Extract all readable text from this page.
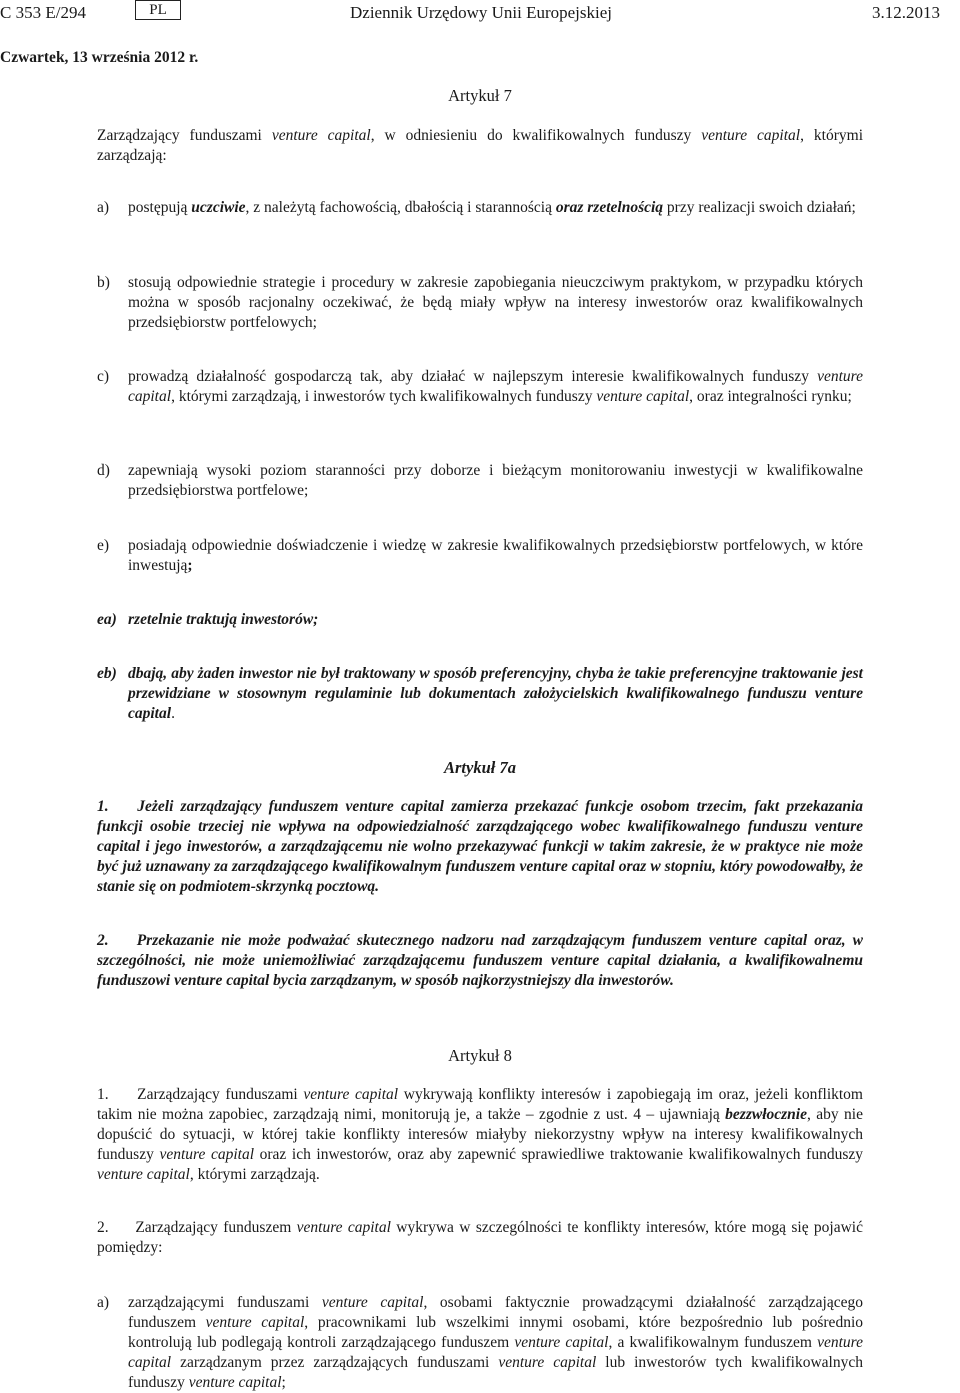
C 353 E/294	PL	Dziennik Urzędowy Unii Europejskiej	3.12.2013
Czwartek, 13 września 2012 r.
Artykuł 7
Zarządzający funduszami venture capital, w odniesieniu do kwalifikowalnych funduszy venture capital, którymi zarządzają:
a) postępują uczciwie, z należytą fachowością, dbałością i starannością oraz rzetelnością przy realizacji swoich działań;
b) stosują odpowiednie strategie i procedury w zakresie zapobiegania nieuczciwym praktykom, w przypadku których można w sposób racjonalny oczekiwać, że będą miały wpływ na interesy inwestorów oraz kwalifikowalnych przedsiębiorstw portfelowych;
c) prowadzą działalność gospodarczą tak, aby działać w najlepszym interesie kwalifikowalnych funduszy venture capital, którymi zarządzają, i inwestorów tych kwalifikowalnych funduszy venture capital, oraz integralności rynku;
d) zapewniają wysoki poziom staranności przy doborze i bieżącym monitorowaniu inwestycji w kwalifikowalne przedsiębiorstwa portfelowe;
e) posiadają odpowiednie doświadczenie i wiedzę w zakresie kwalifikowalnych przedsiębiorstw portfelowych, w które inwestują;
ea) rzetelnie traktują inwestorów;
eb) dbają, aby żaden inwestor nie był traktowany w sposób preferencyjny, chyba że takie preferencyjne traktowanie jest przewidziane w stosownym regulaminie lub dokumentach założycielskich kwalifikowalnego funduszu venture capital.
Artykuł 7a
1. Jeżeli zarządzający funduszem venture capital zamierza przekazać funkcje osobom trzecim, fakt przekazania funkcji osobie trzeciej nie wpływa na odpowiedzialność zarządzającego wobec kwalifikowalnego funduszu venture capital i jego inwestorów, a zarządzającemu nie wolno przekazywać funkcji w takim zakresie, że w praktyce nie może być już uznawany za zarządzającego kwalifikowalnym funduszem venture capital oraz w stopniu, który powodowałby, że stanie się on podmiotem-skrzynką pocztową.
2. Przekazanie nie może podważać skutecznego nadzoru nad zarządzającym funduszem venture capital oraz, w szczególności, nie może uniemożliwiać zarządzającemu funduszem venture capital działania, a kwalifikowalnemu funduszowi venture capital bycia zarządzanym, w sposób najkorzystniejszy dla inwestorów.
Artykuł 8
1.     Zarządzający funduszami venture capital wykrywają konflikty interesów i zapobiegają im oraz, jeżeli konfliktom takim nie można zapobiec, zarządzają nimi, monitorują je, a także – zgodnie z ust. 4 – ujawniają bezzwłocznie, aby nie dopuścić do sytuacji, w której takie konflikty interesów miałyby niekorzystny wpływ na interesy kwalifikowalnych funduszy venture capital oraz ich inwestorów, oraz aby zapewnić sprawiedliwe traktowanie kwalifikowalnych funduszy venture capital, którymi zarządzają.
2.     Zarządzający funduszem venture capital wykrywa w szczególności te konflikty interesów, które mogą się pojawić pomiędzy:
a) zarządzającymi funduszami venture capital, osobami faktycznie prowadzącymi działalność zarządzającego funduszem venture capital, pracownikami lub wszelkimi innymi osobami, które bezpośrednio lub pośrednio kontrolują lub podlegają kontroli zarządzającego funduszem venture capital, a kwalifikowalnym funduszem venture capital zarządzanym przez zarządzających funduszami venture capital lub inwestorów tych kwalifikowalnych funduszy venture capital;
